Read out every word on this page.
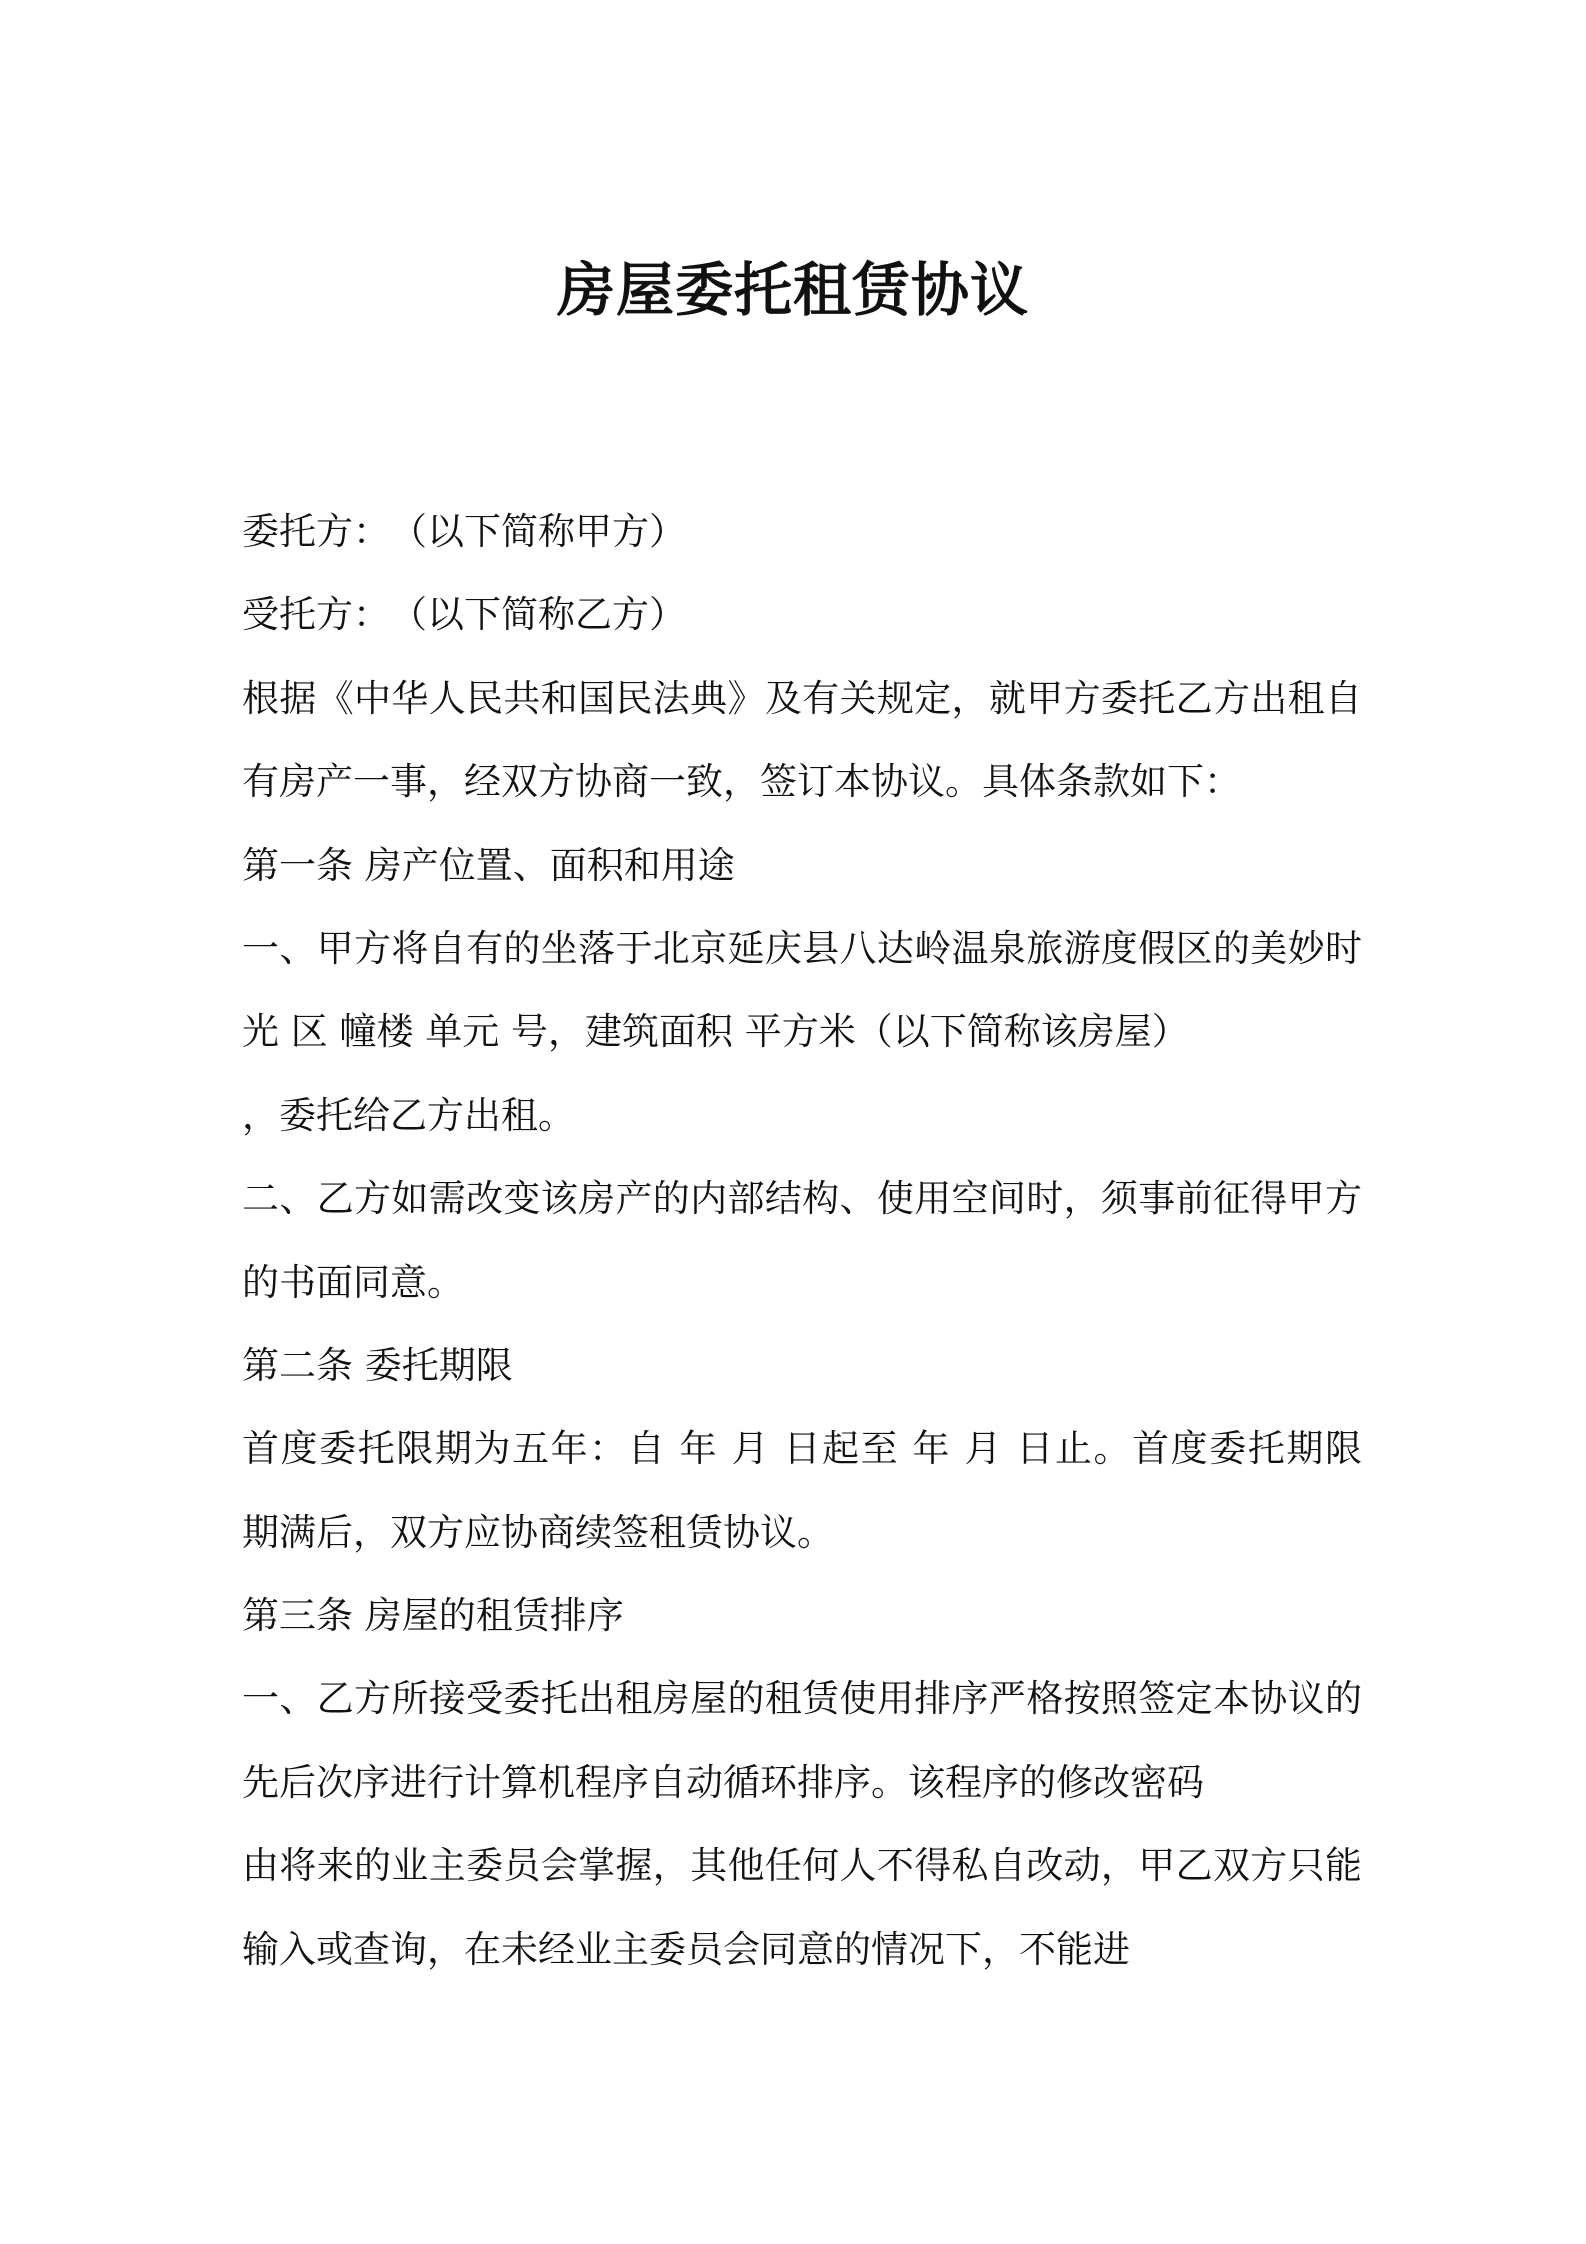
房屋委托租赁协议
委托方：　（以下简称甲方）
受托方：　（以下简称乙方）
根据《中华人民共和国民法典》及有关规定，就甲方委托乙方出租自
有房产一事，经双方协商一致，签订本协议。具体条款如下：
第一条 房产位置、面积和用途
一、甲方将自有的坐落于北京延庆县八达岭温泉旅游度假区的美妙时
光 区 幢楼 单元 号，建筑面积 平方米（以下简称该房屋）
，委托给乙方出租。
二、乙方如需改变该房产的内部结构、使用空间时，须事前征得甲方
的书面同意。
第二条 委托期限
首度委托限期为五年：自 年 月 日起至 年 月 日止。首度委托期限
期满后，双方应协商续签租赁协议。
第三条 房屋的租赁排序
一、乙方所接受委托出租房屋的租赁使用排序严格按照签定本协议的
先后次序进行计算机程序自动循环排序。该程序的修改密码
由将来的业主委员会掌握，其他任何人不得私自改动，甲乙双方只能
输入或查询，在未经业主委员会同意的情况下，不能进
